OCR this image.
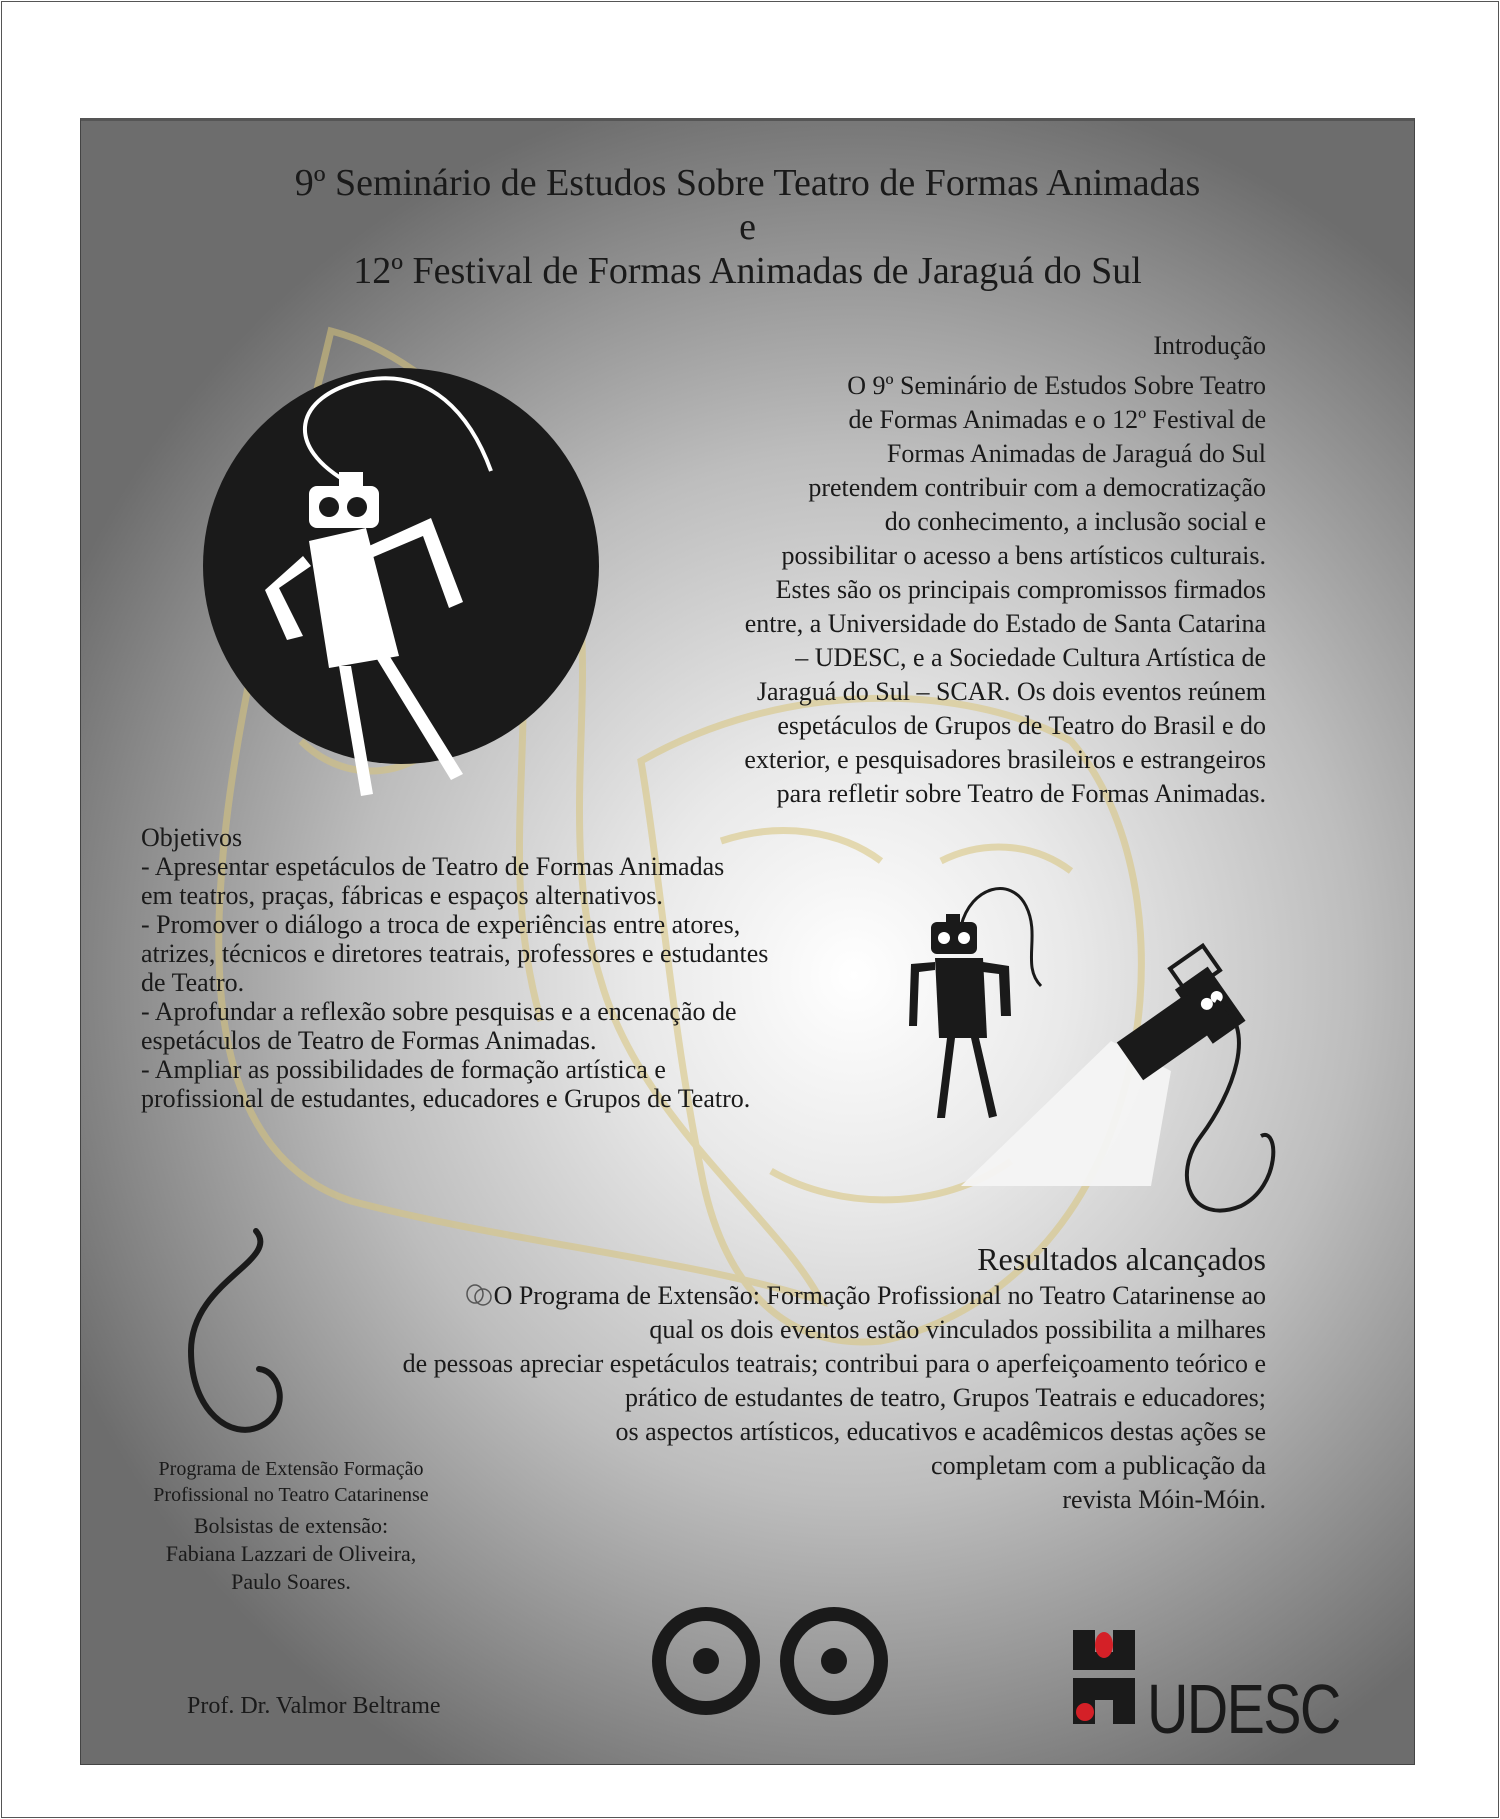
9º Seminário de Estudos Sobre Teatro de Formas Animadas
e
12º Festival de Formas Animadas de Jaraguá do Sul
Introdução

O 9º Seminário de Estudos Sobre Teatro

de Formas Animadas e o 12º Festival de

Formas Animadas de Jaraguá do Sul

pretendem contribuir com a democratização

do conhecimento, a inclusão social e

possibilitar o acesso a bens artísticos culturais.

Estes são os principais compromissos firmados

entre, a Universidade do Estado de Santa Catarina

– UDESC, e a Sociedade Cultura Artística de

Jaraguá do Sul – SCAR. Os dois eventos reúnem

espetáculos de Grupos de Teatro do Brasil e do

exterior, e pesquisadores brasileiros e estrangeiros

para refletir sobre Teatro de Formas Animadas.

Objetivos
- Apresentar espetáculos de Teatro de Formas Animadas
em teatros, praças, fábricas e espaços alternativos.
- Promover o diálogo a troca de experiências entre atores,
atrizes, técnicos e diretores teatrais, professores e estudantes
de Teatro.
- Aprofundar a reflexão sobre pesquisas e a encenação de
espetáculos de Teatro de Formas Animadas.
- Ampliar as possibilidades de formação artística e
profissional de estudantes, educadores e Grupos de Teatro.
Resultados alcançados
O Programa de Extensão: Formação Profissional no Teatro Catarinense ao
qual os dois eventos estão vinculados possibilita a milhares
de pessoas apreciar espetáculos teatrais; contribui para o aperfeiçoamento teórico e
prático de estudantes de teatro, Grupos Teatrais e educadores;
os aspectos artísticos, educativos e acadêmicos destas ações se
completam com a publicação da
revista Móin-Móin.
Programa de Extensão Formação
Profissional no Teatro Catarinense
Bolsistas de extensão:
Fabiana Lazzari de Oliveira,
Paulo Soares.
Prof. Dr. Valmor Beltrame	UDESC
